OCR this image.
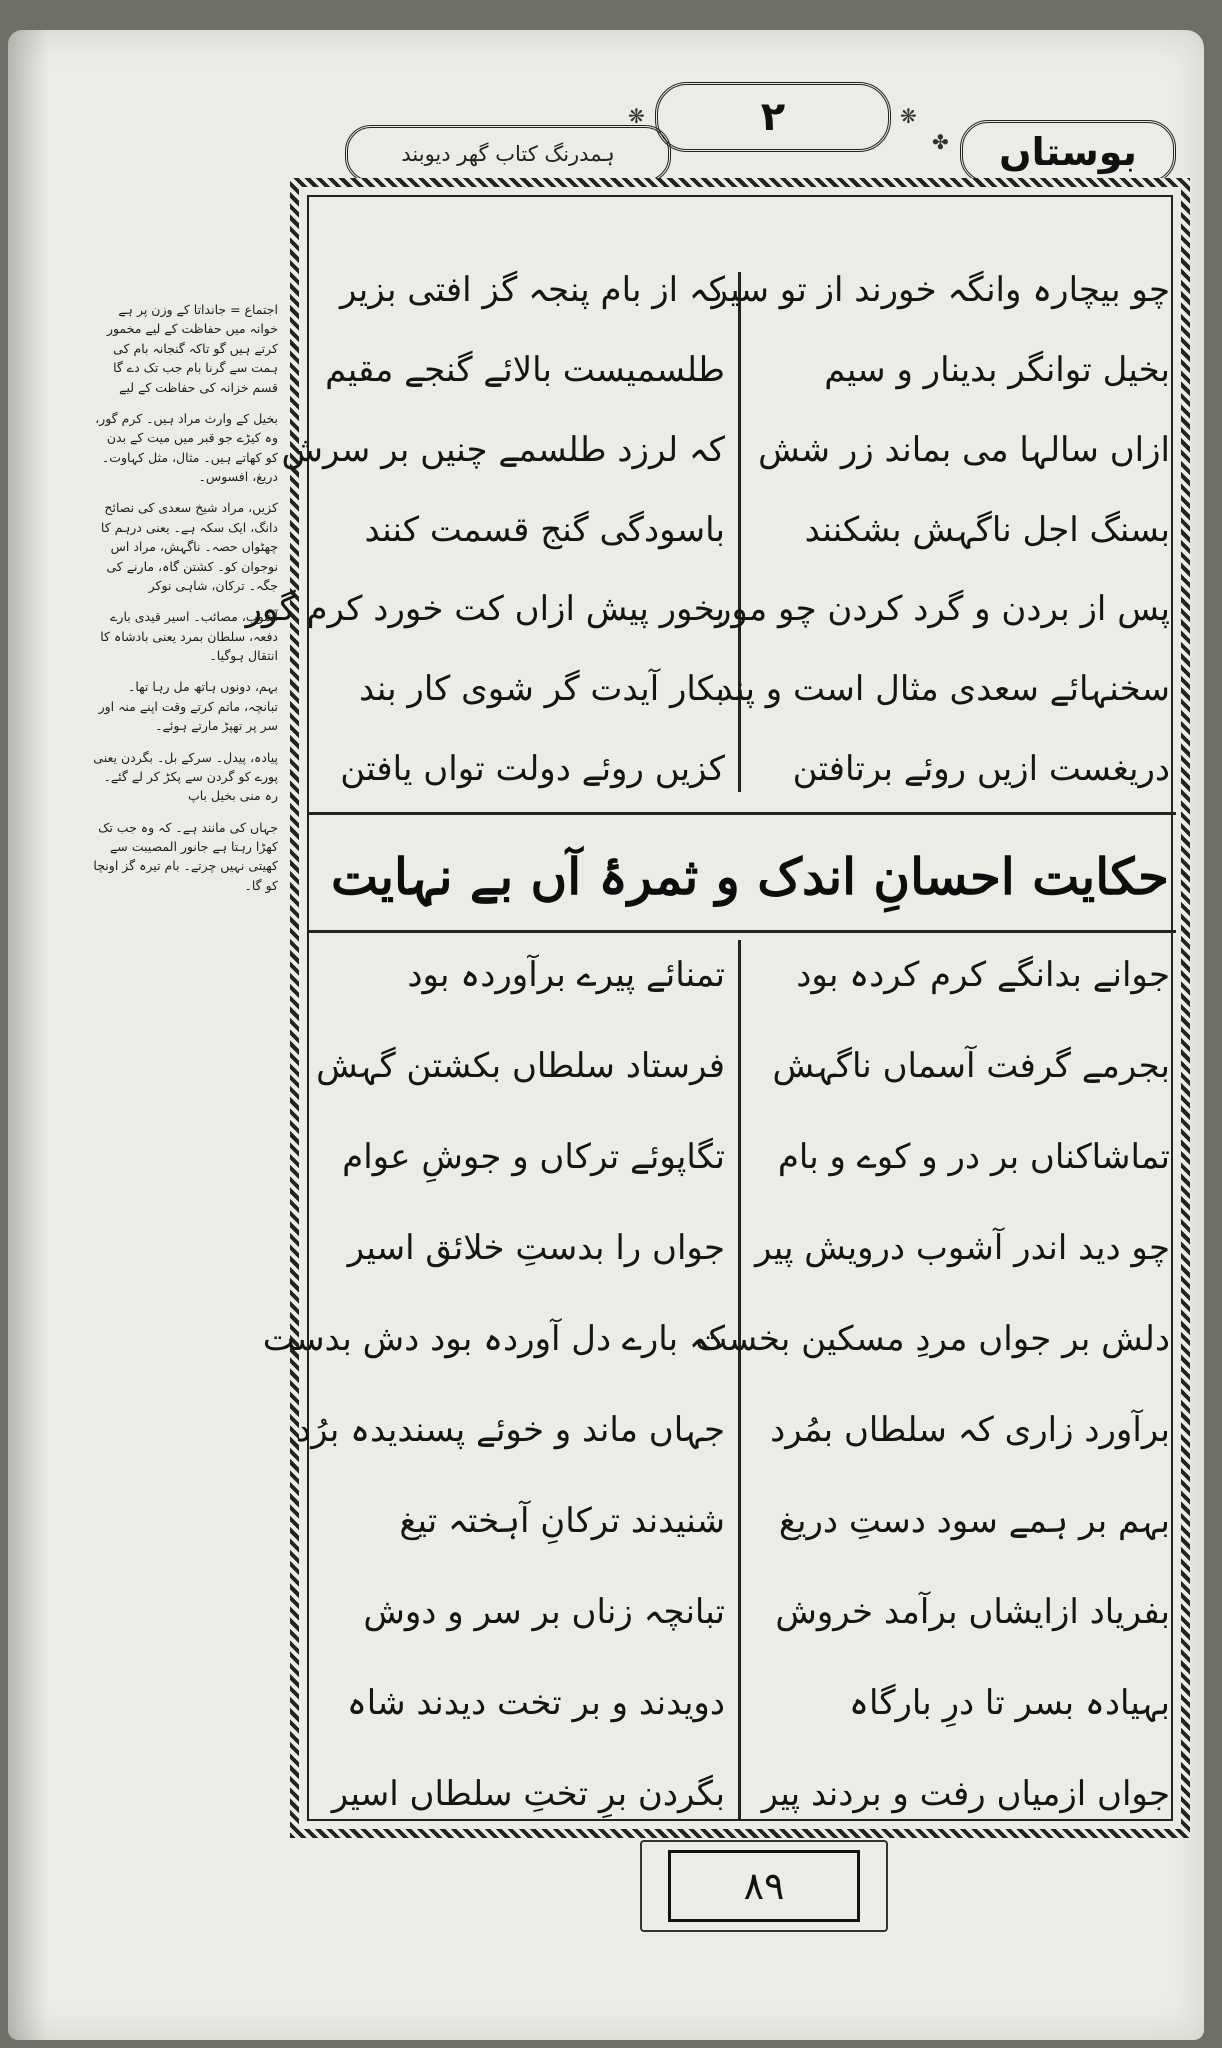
ہمدرنگ کتاب گھر دیوبند
۲
بوستاں
❋	❋
✤
چو بیچارہ وانگہ خورند از تو سیر
بخیل توانگر بدینار و سیم
ازاں سالہا می بماند زر شش
بسنگ اجل ناگہش بشکنند
پس از بردن و گرد کردن چو مور
سخنہائے سعدی مثال است و پند
دریغست ازیں روئے برتافتن
کہ از بام پنجہ گز افتی بزیر
طلسمیست بالائے گنجے مقیم
کہ لرزد طلسمے چنیں بر سرش
باسودگی گنج قسمت کنند
بخور پیش ازاں کت خورد کرم گور
بکار آیدت گر شوی کار بند
کزیں روئے دولت تواں یافتن
حکایت احسانِ اندک و ثمرۂ آں بے نہایت
جوانے بدانگے کرم کردہ بود
بجرمے گرفت آسماں ناگہش
تماشاکناں بر در و کوے و بام
چو دید اندر آشوب درویش پیر
دلش بر جواں مردِ مسکین بخست
برآورد زاری کہ سلطاں بمُرد
بہم بر ہمے سود دستِ دریغ
بفریاد ازایشاں برآمد خروش
بہیادہ بسر تا درِ بارگاہ
جواں ازمیاں رفت و بردند پیر
تمنائے پیرے برآوردہ بود
فرستاد سلطاں بکشتن گہش
تگاپوئے ترکاں و جوشِ عوام
جواں را بدستِ خلائق اسیر
کہ بارے دل آوردہ بود دش بدست
جہاں ماند و خوئے پسندیدہ برُد
شنیدند ترکانِ آہختہ تیغ
تبانچہ زناں بر سر و دوش
دویدند و بر تخت دیدند شاہ
بگردن برِ تختِ سلطاں اسیر
اجتماع = جانداتا کے وزن پر ہے خوانہ میں حفاظت کے لیے مخمور کرتے ہیں گو تاکہ گنجانہ بام کی ہمت سے گرنا بام جب تک دے گا قسم خزانہ کی حفاظت کے لیے
بخیل کے وارث مراد ہیں۔ کرم گور، وہ کیڑے جو قبر میں میت کے بدن کو کھاتے ہیں۔ مثال، مثل کہاوت۔ دریغ، افسوس۔
کزیں، مراد شیخ سعدی کی نصائح دانگ، ایک سکہ ہے۔ یعنی درہم کا چھٹواں حصہ۔ ناگہش، مراد اس نوجوان کو۔ کشتن گاہ، مارنے کی جگہ۔ ترکان، شاہی نوکر
آشوب، مصائب۔ اسیر قیدی بارے دفعہ، سلطان بمرد یعنی بادشاہ کا انتقال ہوگیا۔
بہم، دونوں ہاتھ مل رہا تھا۔ تبانچہ، ماتم کرتے وقت اپنے منہ اور سر پر تھپڑ مارتے ہوئے۔
پیادہ، پیدل۔ سرکے بل۔ بگردن یعنی پورے کو گردن سے پکڑ کر لے گئے۔ رہ منی بخیل باپ
جہاں کی مانند ہے۔ کہ وہ جب تک کھڑا رہتا ہے جانور المصیبت سے کھیتی نہیں چرتے۔ بام تیرہ گز اونچا کو گا۔
۸۹
